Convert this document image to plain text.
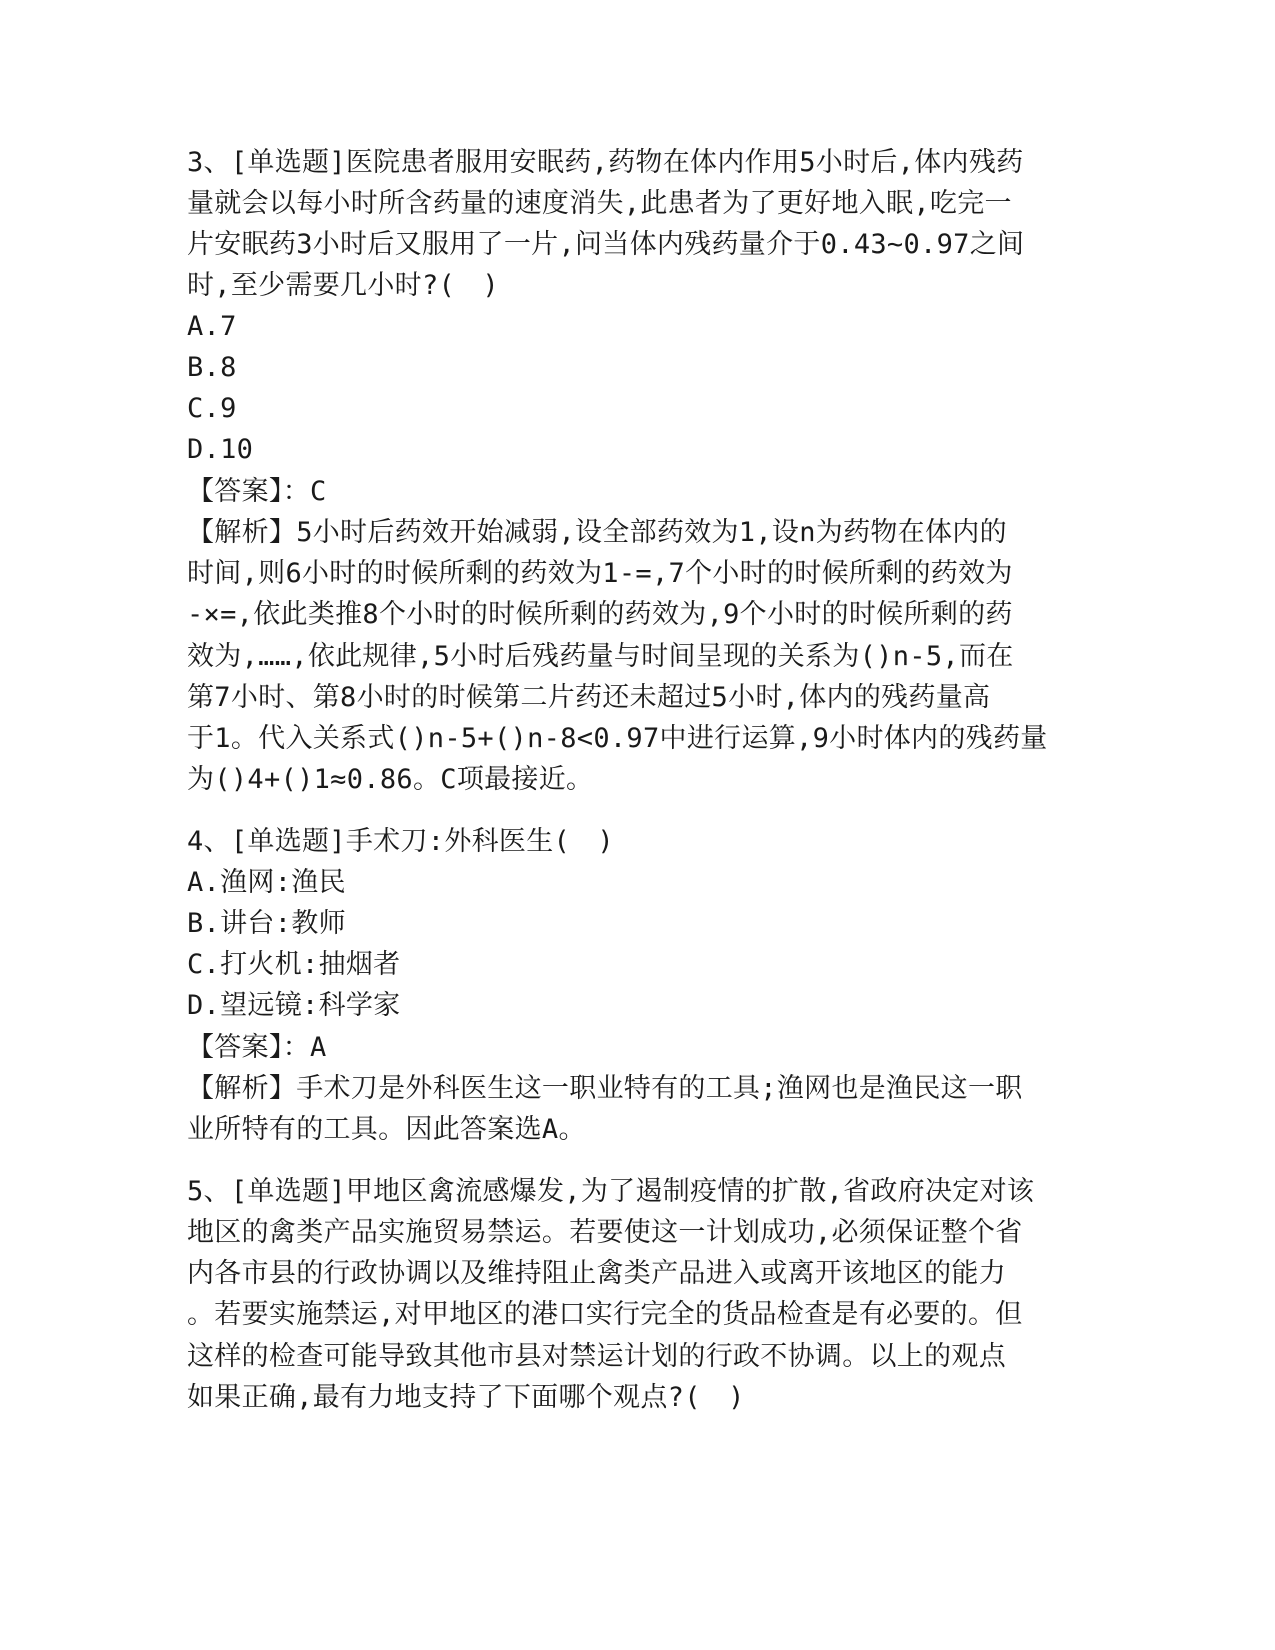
3、[单选题]医院患者服用安眠药,药物在体内作用5小时后,体内残药
量就会以每小时所含药量的速度消失,此患者为了更好地入眠,吃完一
片安眠药3小时后又服用了一片,问当体内残药量介于0.43~0.97之间
时,至少需要几小时?(　)
A.7
B.8
C.9
D.10
【答案】：C
【解析】5小时后药效开始减弱,设全部药效为1,设n为药物在体内的
时间,则6小时的时候所剩的药效为1-=,7个小时的时候所剩的药效为
-×=,依此类推8个小时的时候所剩的药效为,9个小时的时候所剩的药
效为,……,依此规律,5小时后残药量与时间呈现的关系为()n-5,而在
第7小时、第8小时的时候第二片药还未超过5小时,体内的残药量高
于1。代入关系式()n-5+()n-8<0.97中进行运算,9小时体内的残药量
为()4+()1≈0.86。C项最接近。
4、[单选题]手术刀:外科医生(　)
A.渔网:渔民
B.讲台:教师
C.打火机:抽烟者
D.望远镜:科学家
【答案】：A
【解析】手术刀是外科医生这一职业特有的工具;渔网也是渔民这一职
业所特有的工具。因此答案选A。
5、[单选题]甲地区禽流感爆发,为了遏制疫情的扩散,省政府决定对该
地区的禽类产品实施贸易禁运。若要使这一计划成功,必须保证整个省
内各市县的行政协调以及维持阻止禽类产品进入或离开该地区的能力
。若要实施禁运,对甲地区的港口实行完全的货品检查是有必要的。但
这样的检查可能导致其他市县对禁运计划的行政不协调。以上的观点
如果正确,最有力地支持了下面哪个观点?(　)
